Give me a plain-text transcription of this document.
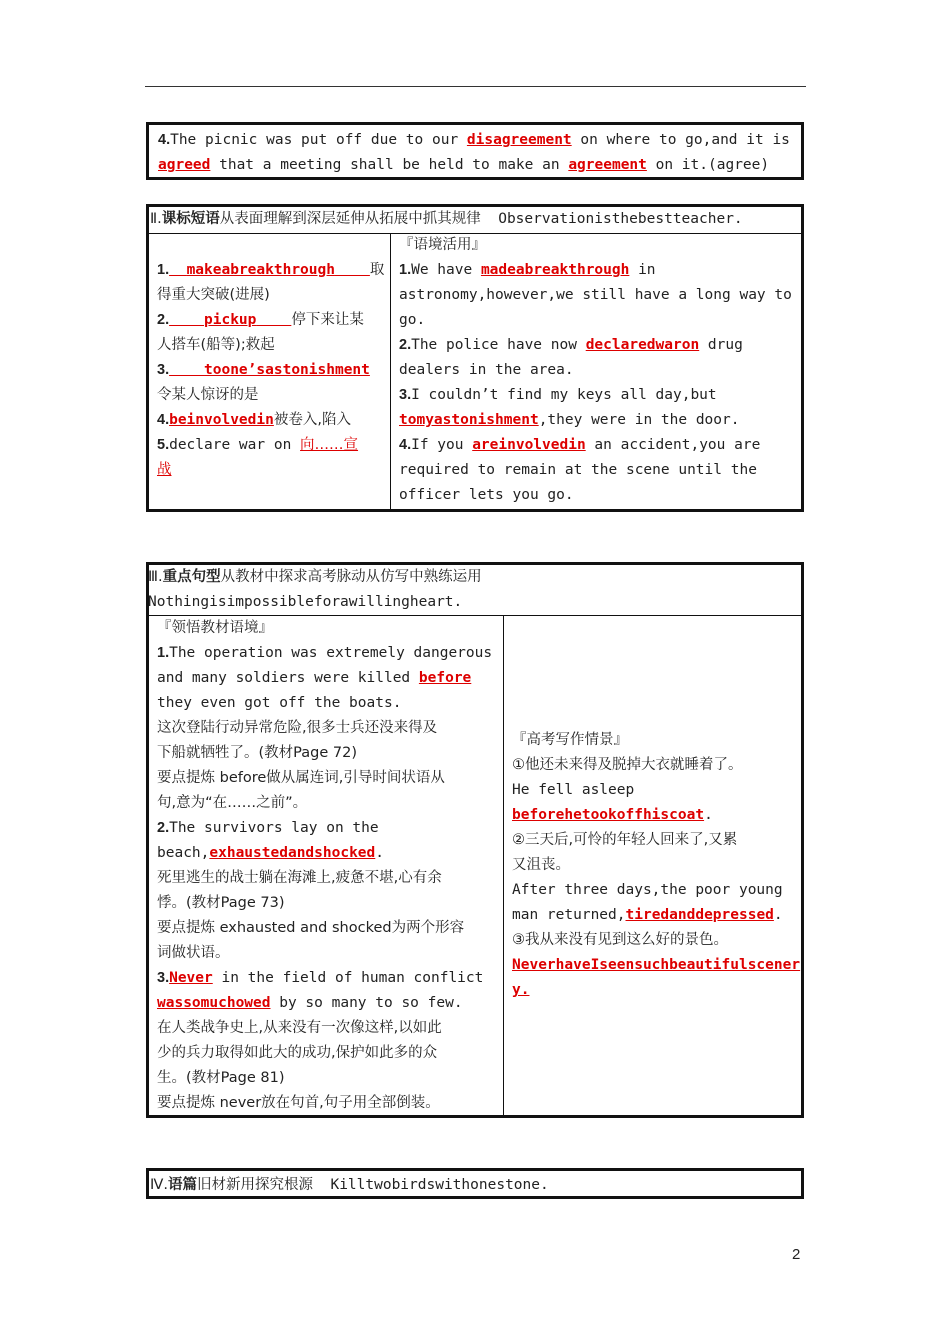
4.The picnic was put off due to our disagreement on where to go,and it is
agreed that a meeting shall be held to make an agreement on it.(agree)
Ⅱ.课标短语从表面理解到深层延伸从拓展中抓其规律 Observationisthebestteacher.
1. makeabreakthrough 取
得重大突破(进展)
2. pickup 停下来让某
人搭车(船等);救起
3. toone’sastonishment
令某人惊讶的是
4.beinvolvedin被卷入,陷入
5.declare war on 向……宣
战
『语境活用』
1.We have madeabreakthrough in
astronomy,however,we still have a long way to
go.
2.The police have now declaredwaron drug
dealers in the area.
3.I couldn’t find my keys all day,but
tomyastonishment,they were in the door.
4.If you areinvolvedin an accident,you are
required to remain at the scene until the
officer lets you go.
Ⅲ.重点句型从教材中探求高考脉动从仿写中熟练运用
Nothingisimpossibleforawillingheart.
『领悟教材语境』
1.The operation was extremely dangerous
and many soldiers were killed before
they even got off the boats.
这次登陆行动异常危险,很多士兵还没来得及
下船就牺牲了。(教材Page 72)
要点提炼 before做从属连词,引导时间状语从
句,意为“在……之前”。
2.The survivors lay on the
beach,exhaustedandshocked.
死里逃生的战士躺在海滩上,疲惫不堪,心有余
悸。(教材Page 73)
要点提炼 exhausted and shocked为两个形容
词做状语。
3.Never in the field of human conflict
wassomuchowed by so many to so few.
在人类战争史上,从来没有一次像这样,以如此
少的兵力取得如此大的成功,保护如此多的众
生。(教材Page 81)
要点提炼 never放在句首,句子用全部倒装。
『高考写作情景』
①他还未来得及脱掉大衣就睡着了。
He fell asleep
beforehetookoffhiscoat.
②三天后,可怜的年轻人回来了,又累
又沮丧。
After three days,the poor young
man returned,tiredanddepressed.
③我从来没有见到这么好的景色。
NeverhaveIseensuchbeautifulscener
y.
Ⅳ.语篇旧材新用探究根源 Killtwobirdswithonestone.
2
